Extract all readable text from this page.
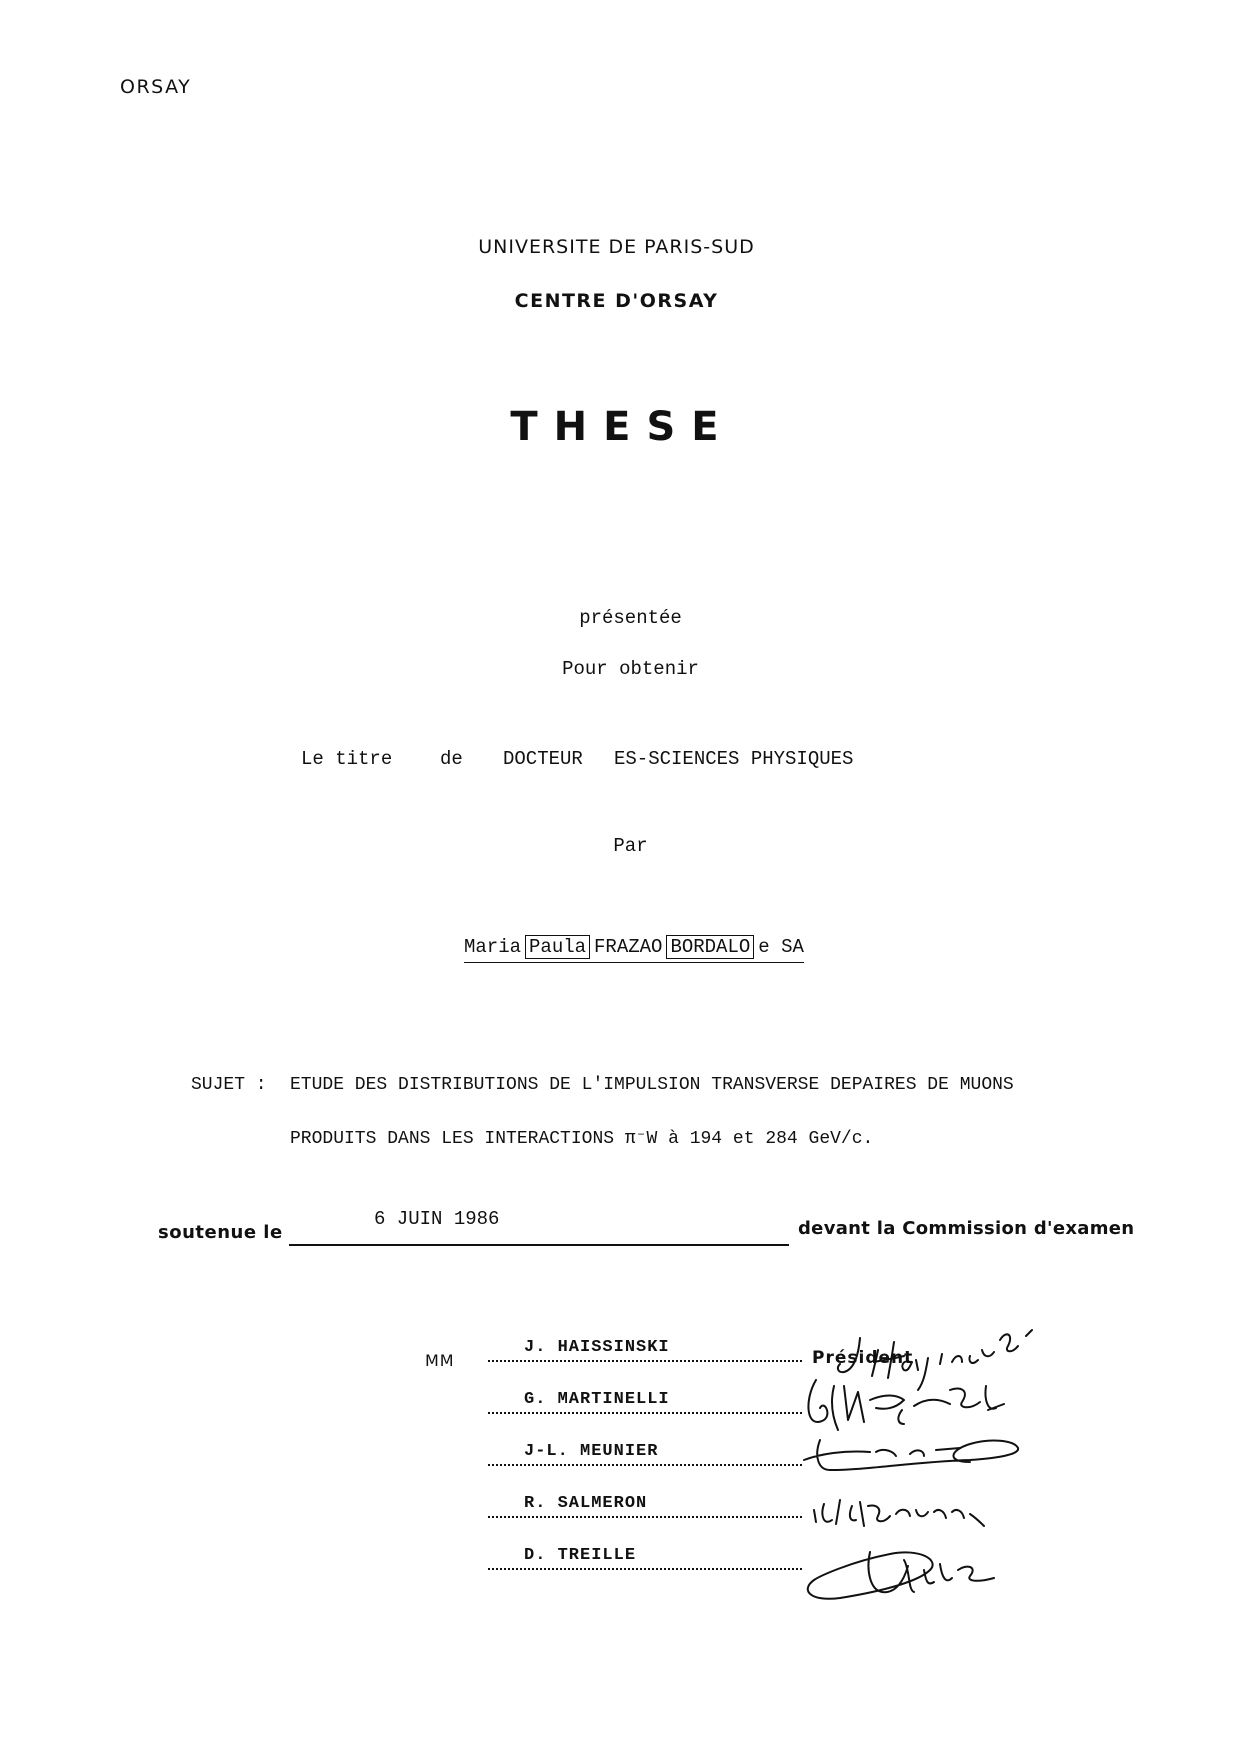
ORSAY
UNIVERSITE DE PARIS-SUD
CENTRE D'ORSAY
THESE
présentée
Pour obtenir
Le titre	de DOCTEUR ES-SCIENCES PHYSIQUES
Par
Maria Paula FRAZAO BORDALO e SA
SUJET : ETUDE DES DISTRIBUTIONS DE L'IMPULSION TRANSVERSE DEPAIRES DE MUONS
PRODUITS DANS LES INTERACTIONS π⁻W à 194 et 284 GeV/c.
soutenue le
6 JUIN 1986	devant la Commission d'examen
MM
J. HAISSINSKI
G. MARTINELLI
J-L. MEUNIER
R. SALMERON
D. TREILLE
Président
